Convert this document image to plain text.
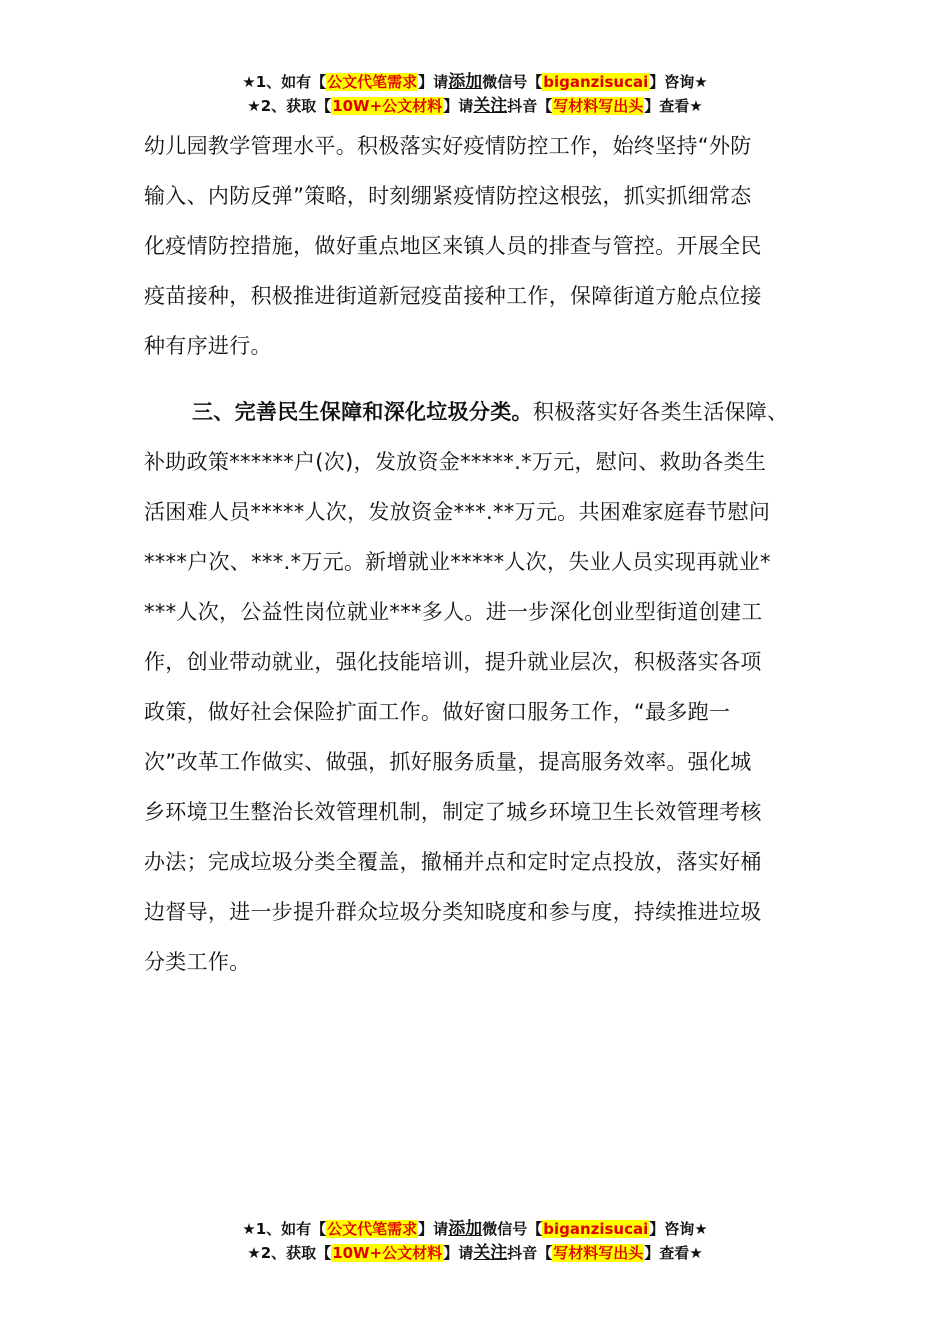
★1、如有【公文代笔需求】请添加微信号【biganzisucai】咨询★
★2、获取【10W+公文材料】请关注抖音【写材料写出头】查看★
幼儿园教学管理水平。积极落实好疫情防控工作，始终坚持“外防
输入、内防反弹”策略，时刻绷紧疫情防控这根弦，抓实抓细常态
化疫情防控措施，做好重点地区来镇人员的排查与管控。开展全民
疫苗接种，积极推进街道新冠疫苗接种工作，保障街道方舱点位接
种有序进行。
三、完善民生保障和深化垃圾分类。积极落实好各类生活保障、
补助政策******户(次)，发放资金*****.*万元，慰问、救助各类生
活困难人员*****人次，发放资金***.**万元。共困难家庭春节慰问
****户次、***.*万元。新增就业*****人次，失业人员实现再就业*
***人次，公益性岗位就业***多人。进一步深化创业型街道创建工
作，创业带动就业，强化技能培训，提升就业层次，积极落实各项
政策，做好社会保险扩面工作。做好窗口服务工作，“最多跑一
次”改革工作做实、做强，抓好服务质量，提高服务效率。强化城
乡环境卫生整治长效管理机制，制定了城乡环境卫生长效管理考核
办法；完成垃圾分类全覆盖，撤桶并点和定时定点投放，落实好桶
边督导，进一步提升群众垃圾分类知晓度和参与度，持续推进垃圾
分类工作。
★1、如有【公文代笔需求】请添加微信号【biganzisucai】咨询★
★2、获取【10W+公文材料】请关注抖音【写材料写出头】查看★
